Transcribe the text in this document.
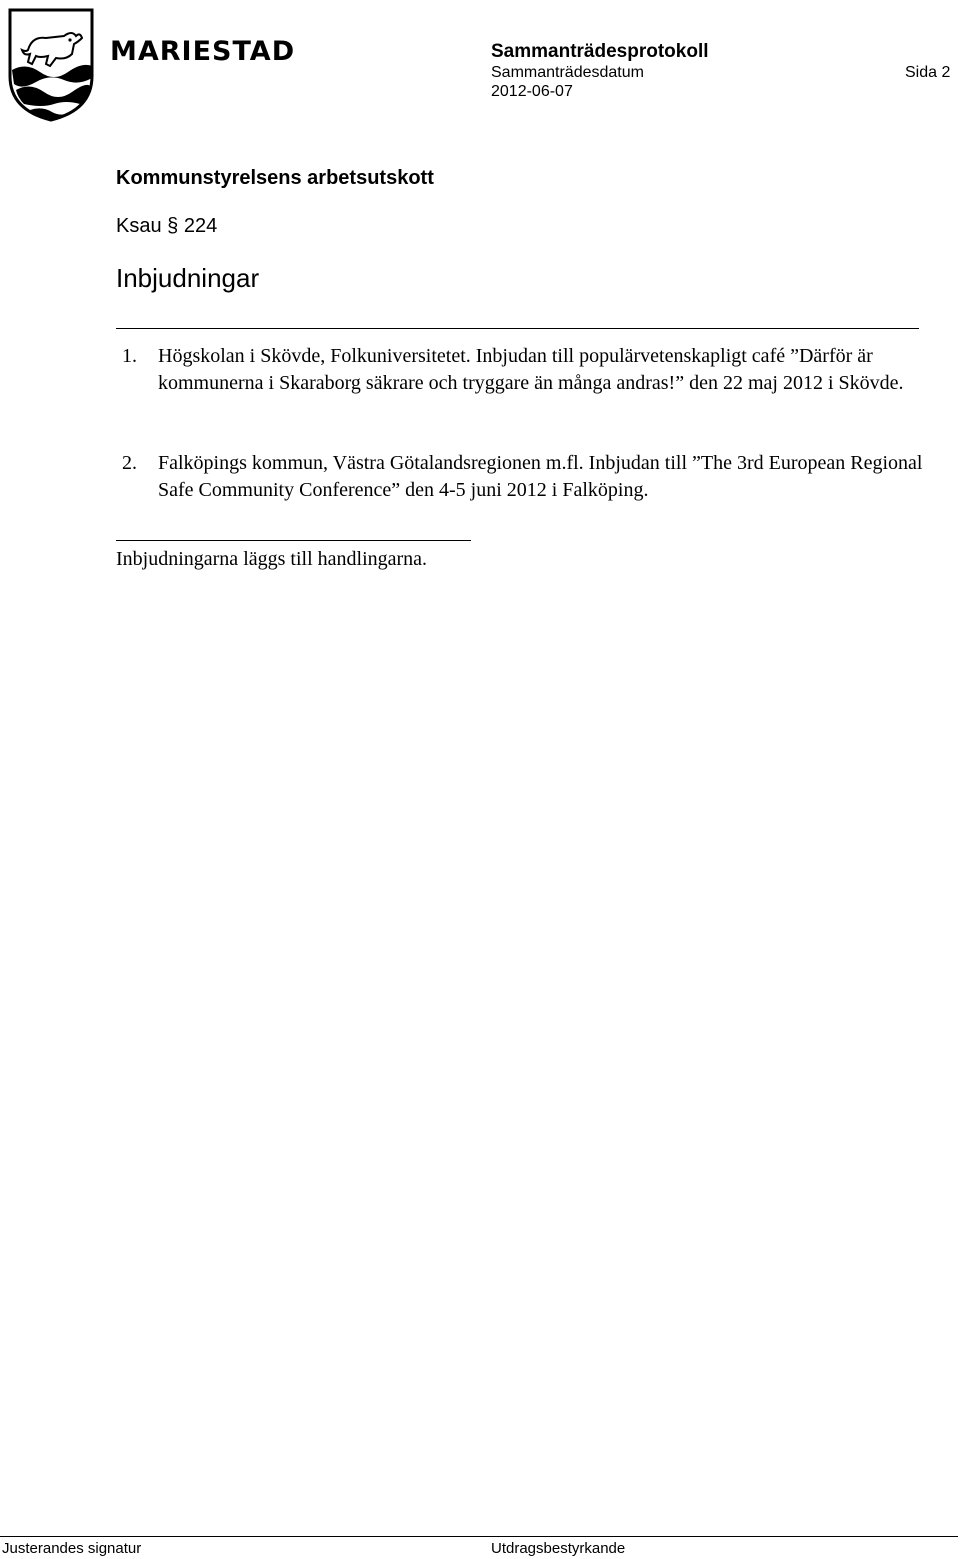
MARIESTAD	Sammanträdesprotokoll
Sammanträdesdatum	Sida 2
2012-06-07
Kommunstyrelsens arbetsutskott
Ksau § 224
Inbjudningar
1. Högskolan i Skövde, Folkuniversitetet. Inbjudan till populärvetenskapligt café ”Därför är kommunerna i Skaraborg säkrare och tryggare än många andras!” den 22 maj 2012 i Skövde.
2. Falköpings kommun, Västra Götalandsregionen m.fl. Inbjudan till ”The 3rd European Regional Safe Community Conference” den 4-5 juni 2012 i Falköping.
Inbjudningarna läggs till handlingarna.
Justerandes signatur	Utdragsbestyrkande
